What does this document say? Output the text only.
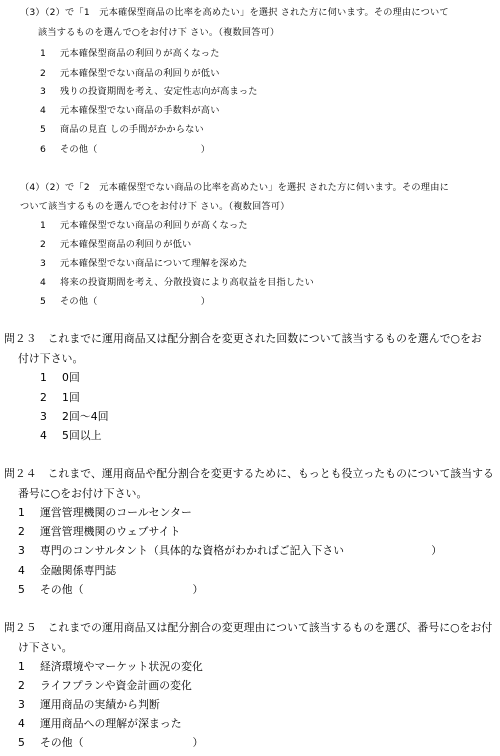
（3）（2）で「1　元本確保型商品の比率を高めたい」を選択 された方に伺います。その理由について
該当するものを選んで○をお付け下 さい。（複数回答可）
1 元本確保型商品の利回りが高くなった
2 元本確保型でない商品の利回りが低い
3 残りの投資期間を考え、安定性志向が高まった
4 元本確保型でない商品の手数料が高い
5 商品の見直 しの手間がかからない
6 その他（　　　　　　　　　　　）
（4）（2）で「2　元本確保型でない商品の比率を高めたい」を選択 された方に伺います。その理由に
ついて該当するものを選んで○をお付け下 さい。（複数回答可）
1 元本確保型でない商品の利回りが高くなった
2 元本確保型商品の利回りが低い
3 元本確保型でない商品について理解を深めた
4 将来の投資期間を考え、分散投資により高収益を目指したい
5 その他（　　　　　　　　　　　）
問２３　これまでに運用商品又は配分割合を変更された回数について該当するものを選んで○をお
付け下さい。
1 0回
2 1回
3 2回～4回
4 5回以上
問２４　これまで、運用商品や配分割合を変更するために、もっとも役立ったものについて該当する
番号に○をお付け下さい。
1 運営管理機関のコールセンター
2 運営管理機関のウェブサイト
3 専門のコンサルタント（具体的な資格がわかればご記入下さい　　　　　　　　）
4 金融関係専門誌
5 その他（　　　　　　　　　　）
問２５　これまでの運用商品又は配分割合の変更理由について該当するものを選び、番号に○をお付
け下さい。
1 経済環境やマーケット状況の変化
2 ライフプランや資金計画の変化
3 運用商品の実績から判断
4 運用商品への理解が深まった
5 その他（　　　　　　　　　　）
